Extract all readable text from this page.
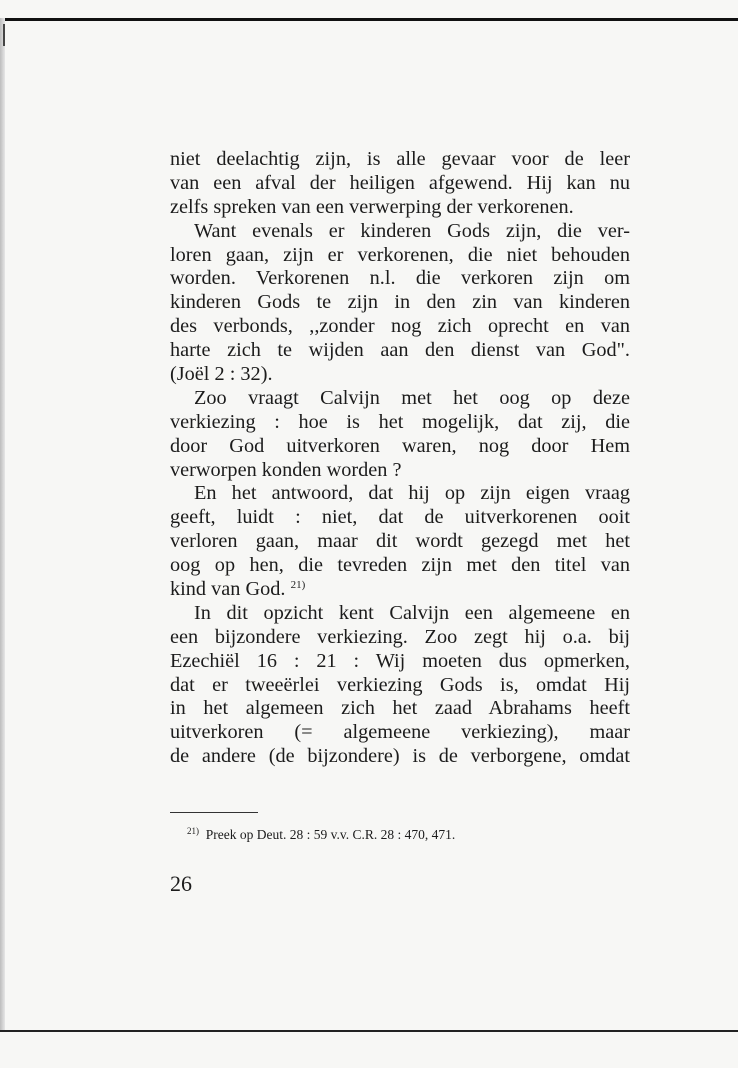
niet deelachtig zijn, is alle gevaar voor de leer
van een afval der heiligen afgewend. Hij kan nu
zelfs spreken van een verwerping der verkorenen.
Want evenals er kinderen Gods zijn, die ver-
loren gaan, zijn er verkorenen, die niet behouden
worden. Verkorenen n.l. die verkoren zijn om
kinderen Gods te zijn in den zin van kinderen
des verbonds, ,,zonder nog zich oprecht en van
harte zich te wijden aan den dienst van God".
(Joël 2 : 32).
Zoo vraagt Calvijn met het oog op deze
verkiezing : hoe is het mogelijk, dat zij, die
door God uitverkoren waren, nog door Hem
verworpen konden worden ?
En het antwoord, dat hij op zijn eigen vraag
geeft, luidt : niet, dat de uitverkorenen ooit
verloren gaan, maar dit wordt gezegd met het
oog op hen, die tevreden zijn met den titel van
kind van God. $^{21)}$
In dit opzicht kent Calvijn een algemeene en
een bijzondere verkiezing. Zoo zegt hij o.a. bij
Ezechiël 16 : 21 : Wij moeten dus opmerken,
dat er tweeërlei verkiezing Gods is, omdat Hij
in het algemeen zich het zaad Abrahams heeft
uitverkoren (= algemeene verkiezing), maar
de andere (de bijzondere) is de verborgene, omdat
$^{21)}$ Preek op Deut. 28 : 59 v.v. C.R. 28 : 470, 471.
26
